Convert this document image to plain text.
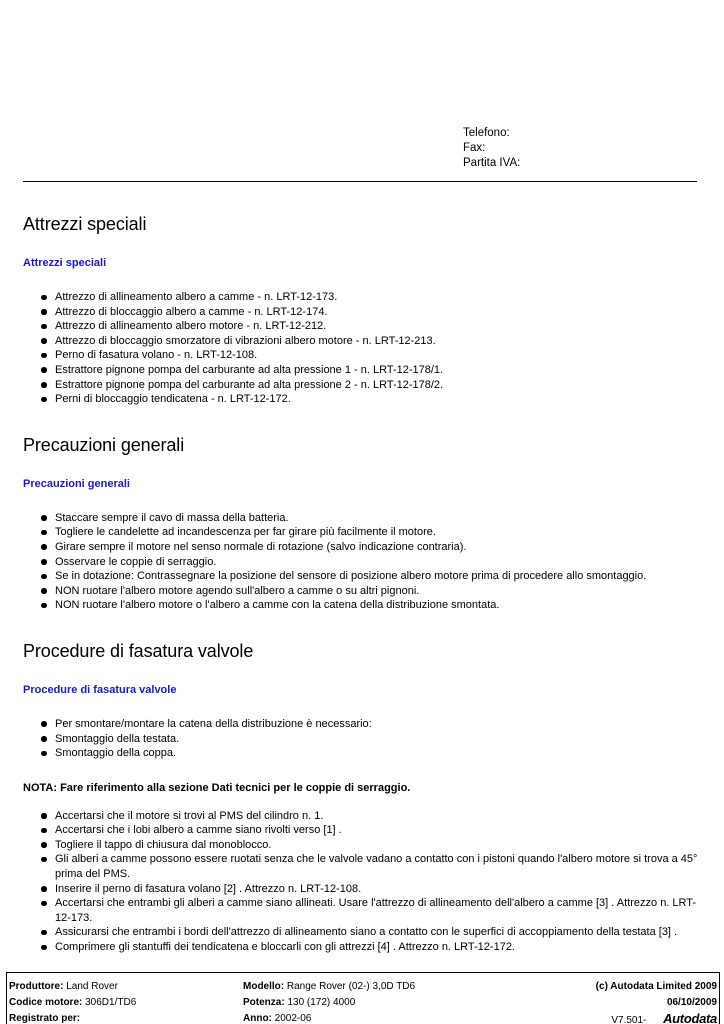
Telefono:
Fax:
Partita IVA:
Attrezzi speciali
Attrezzi speciali
Attrezzo di allineamento albero a camme - n. LRT-12-173.
Attrezzo di bloccaggio albero a camme - n. LRT-12-174.
Attrezzo di allineamento albero motore - n. LRT-12-212.
Attrezzo di bloccaggio smorzatore di vibrazioni albero motore - n. LRT-12-213.
Perno di fasatura volano - n. LRT-12-108.
Estrattore pignone pompa del carburante ad alta pressione 1 - n. LRT-12-178/1.
Estrattore pignone pompa del carburante ad alta pressione 2 - n. LRT-12-178/2.
Perni di bloccaggio tendicatena - n. LRT-12-172.
Precauzioni generali
Precauzioni generali
Staccare sempre il cavo di massa della batteria.
Togliere le candelette ad incandescenza per far girare più facilmente il motore.
Girare sempre il motore nel senso normale di rotazione (salvo indicazione contraria).
Osservare le coppie di serraggio.
Se in dotazione: Contrassegnare la posizione del sensore di posizione albero motore prima di procedere allo smontaggio.
NON ruotare l'albero motore agendo sull'albero a camme o su altri pignoni.
NON ruotare l'albero motore o l'albero a camme con la catena della distribuzione smontata.
Procedure di fasatura valvole
Procedure di fasatura valvole
Per smontare/montare la catena della distribuzione è necessario:
Smontaggio della testata.
Smontaggio della coppa.
NOTA: Fare riferimento alla sezione Dati tecnici per le coppie di serraggio.
Accertarsi che il motore si trovi al PMS del cilindro n. 1.
Accertarsi che i lobi albero a camme siano rivolti verso [1] .
Togliere il tappo di chiusura dal monoblocco.
Gli alberi a camme possono essere ruotati senza che le valvole vadano a contatto con i pistoni quando l'albero motore si trova a 45° prima del PMS.
Inserire il perno di fasatura volano [2] . Attrezzo n. LRT-12-108.
Accertarsi che entrambi gli alberi a camme siano allineati. Usare l'attrezzo di allineamento dell'albero a camme [3] . Attrezzo n. LRT-12-173.
Assicurarsi che entrambi i bordi dell'attrezzo di allineamento siano a contatto con le superfici di accoppiamento della testata [3] .
Comprimere gli stantuffi dei tendicatena e bloccarli con gli attrezzi [4] . Attrezzo n. LRT-12-172.
Produttore: Land Rover
Codice motore: 306D1/TD6
Registrato per:
Modello: Range Rover (02-) 3,0D TD6
Potenza: 130 (172) 4000
Anno: 2002-06
(c) Autodata Limited 2009
06/10/2009
V7.501- Autodata
